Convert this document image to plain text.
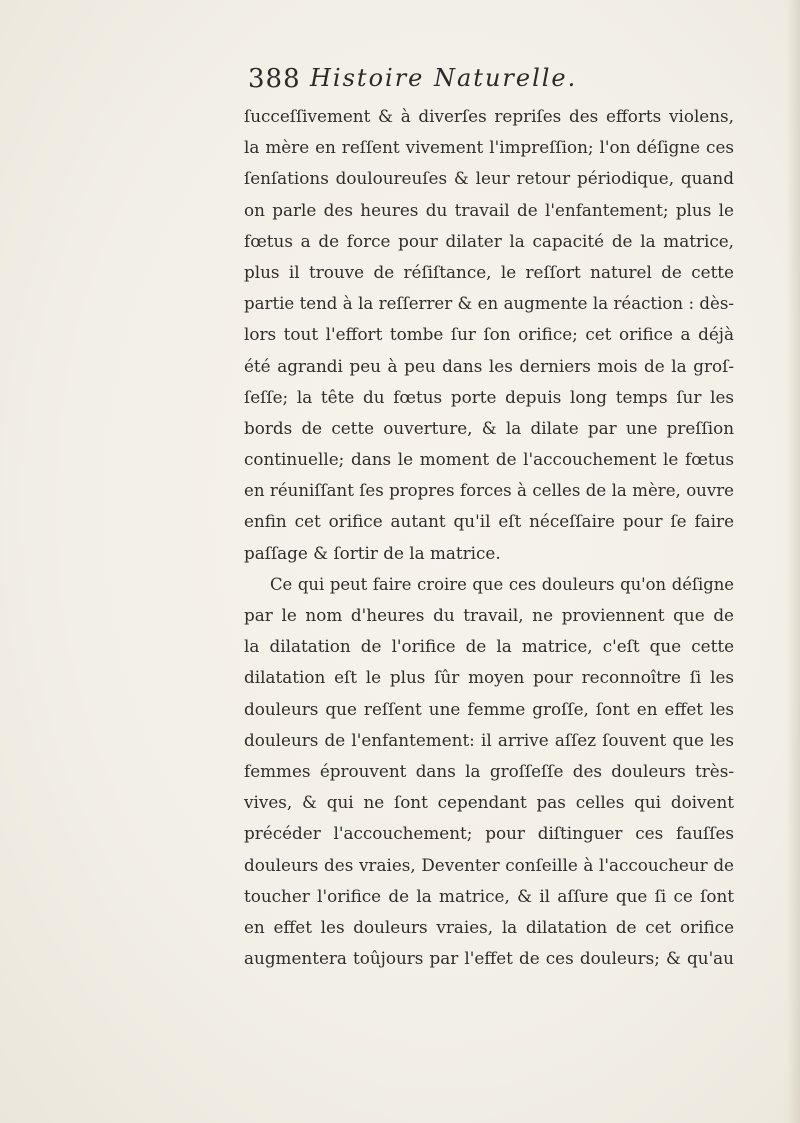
388 Histoire Naturelle.
ſucceſſivement & à diverſes repriſes des efforts violens,
la mère en reſſent vivement l'impreſſion; l'on déſigne ces
ſenſations douloureuſes & leur retour périodique, quand
on parle des heures du travail de l'enfantement; plus le
fœtus a de force pour dilater la capacité de la matrice,
plus il trouve de réſiſtance, le reſſort naturel de cette
partie tend à la reſſerrer & en augmente la réaction : dès-
lors tout l'effort tombe ſur ſon orifice; cet orifice a déjà
été agrandi peu à peu dans les derniers mois de la groſ-
ſeſſe; la tête du fœtus porte depuis long temps ſur les
bords de cette ouverture, & la dilate par une preſſion
continuelle; dans le moment de l'accouchement le fœtus
en réuniſſant ſes propres forces à celles de la mère, ouvre
enfin cet orifice autant qu'il eſt néceſſaire pour ſe faire
paſſage & ſortir de la matrice.
Ce qui peut faire croire que ces douleurs qu'on déſigne
par le nom d'heures du travail, ne proviennent que de
la dilatation de l'orifice de la matrice, c'eſt que cette
dilatation eſt le plus ſûr moyen pour reconnoître ſi les
douleurs que reſſent une femme groſſe, ſont en effet les
douleurs de l'enfantement: il arrive aſſez ſouvent que les
femmes éprouvent dans la groſſeſſe des douleurs très-
vives, & qui ne ſont cependant pas celles qui doivent
précéder l'accouchement; pour diſtinguer ces fauſſes
douleurs des vraies, Deventer conſeille à l'accoucheur de
toucher l'orifice de la matrice, & il aſſure que ſi ce ſont
en effet les douleurs vraies, la dilatation de cet orifice
augmentera toûjours par l'effet de ces douleurs; & qu'au
